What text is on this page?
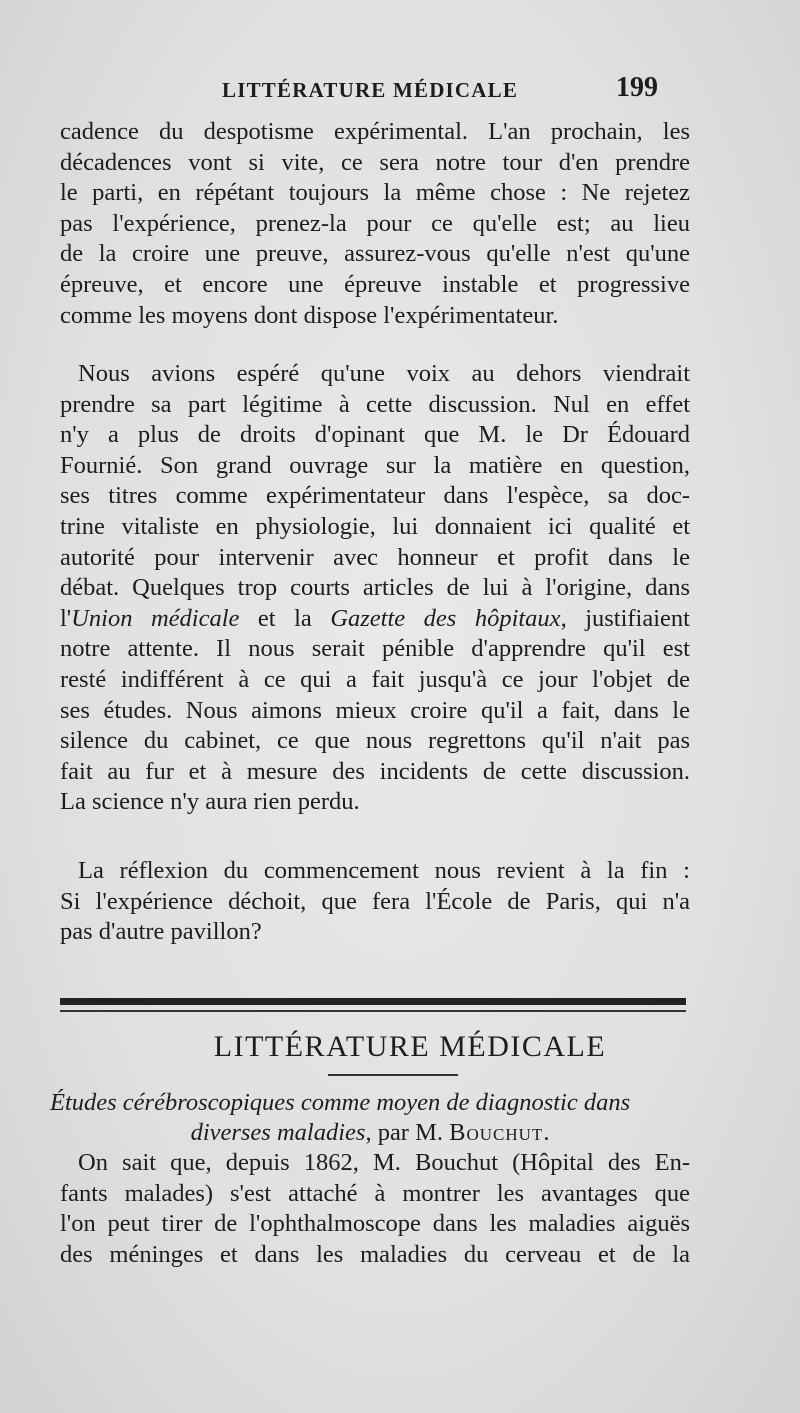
LITTÉRATURE MÉDICALE	199
cadence du despotisme expérimental. L'an prochain, les
décadences vont si vite, ce sera notre tour d'en prendre
le parti, en répétant toujours la même chose : Ne rejetez
pas l'expérience, prenez-la pour ce qu'elle est; au lieu
de la croire une preuve, assurez-vous qu'elle n'est qu'une
épreuve, et encore une épreuve instable et progressive
comme les moyens dont dispose l'expérimentateur.
Nous avions espéré qu'une voix au dehors viendrait
prendre sa part légitime à cette discussion. Nul en effet
n'y a plus de droits d'opinant que M. le Dr Édouard
Fournié. Son grand ouvrage sur la matière en question,
ses titres comme expérimentateur dans l'espèce, sa doc-
trine vitaliste en physiologie, lui donnaient ici qualité et
autorité pour intervenir avec honneur et profit dans le
débat. Quelques trop courts articles de lui à l'origine, dans
l'Union médicale et la Gazette des hôpitaux, justifiaient
notre attente. Il nous serait pénible d'apprendre qu'il est
resté indifférent à ce qui a fait jusqu'à ce jour l'objet de
ses études. Nous aimons mieux croire qu'il a fait, dans le
silence du cabinet, ce que nous regrettons qu'il n'ait pas
fait au fur et à mesure des incidents de cette discussion.
La science n'y aura rien perdu.
La réflexion du commencement nous revient à la fin :
Si l'expérience déchoit, que fera l'École de Paris, qui n'a
pas d'autre pavillon?
LITTÉRATURE MÉDICALE
Études cérébroscopiques comme moyen de diagnostic dans
diverses maladies, par M. Bouchut.
On sait que, depuis 1862, M. Bouchut (Hôpital des En-
fants malades) s'est attaché à montrer les avantages que
l'on peut tirer de l'ophthalmoscope dans les maladies aiguës
des méninges et dans les maladies du cerveau et de la
